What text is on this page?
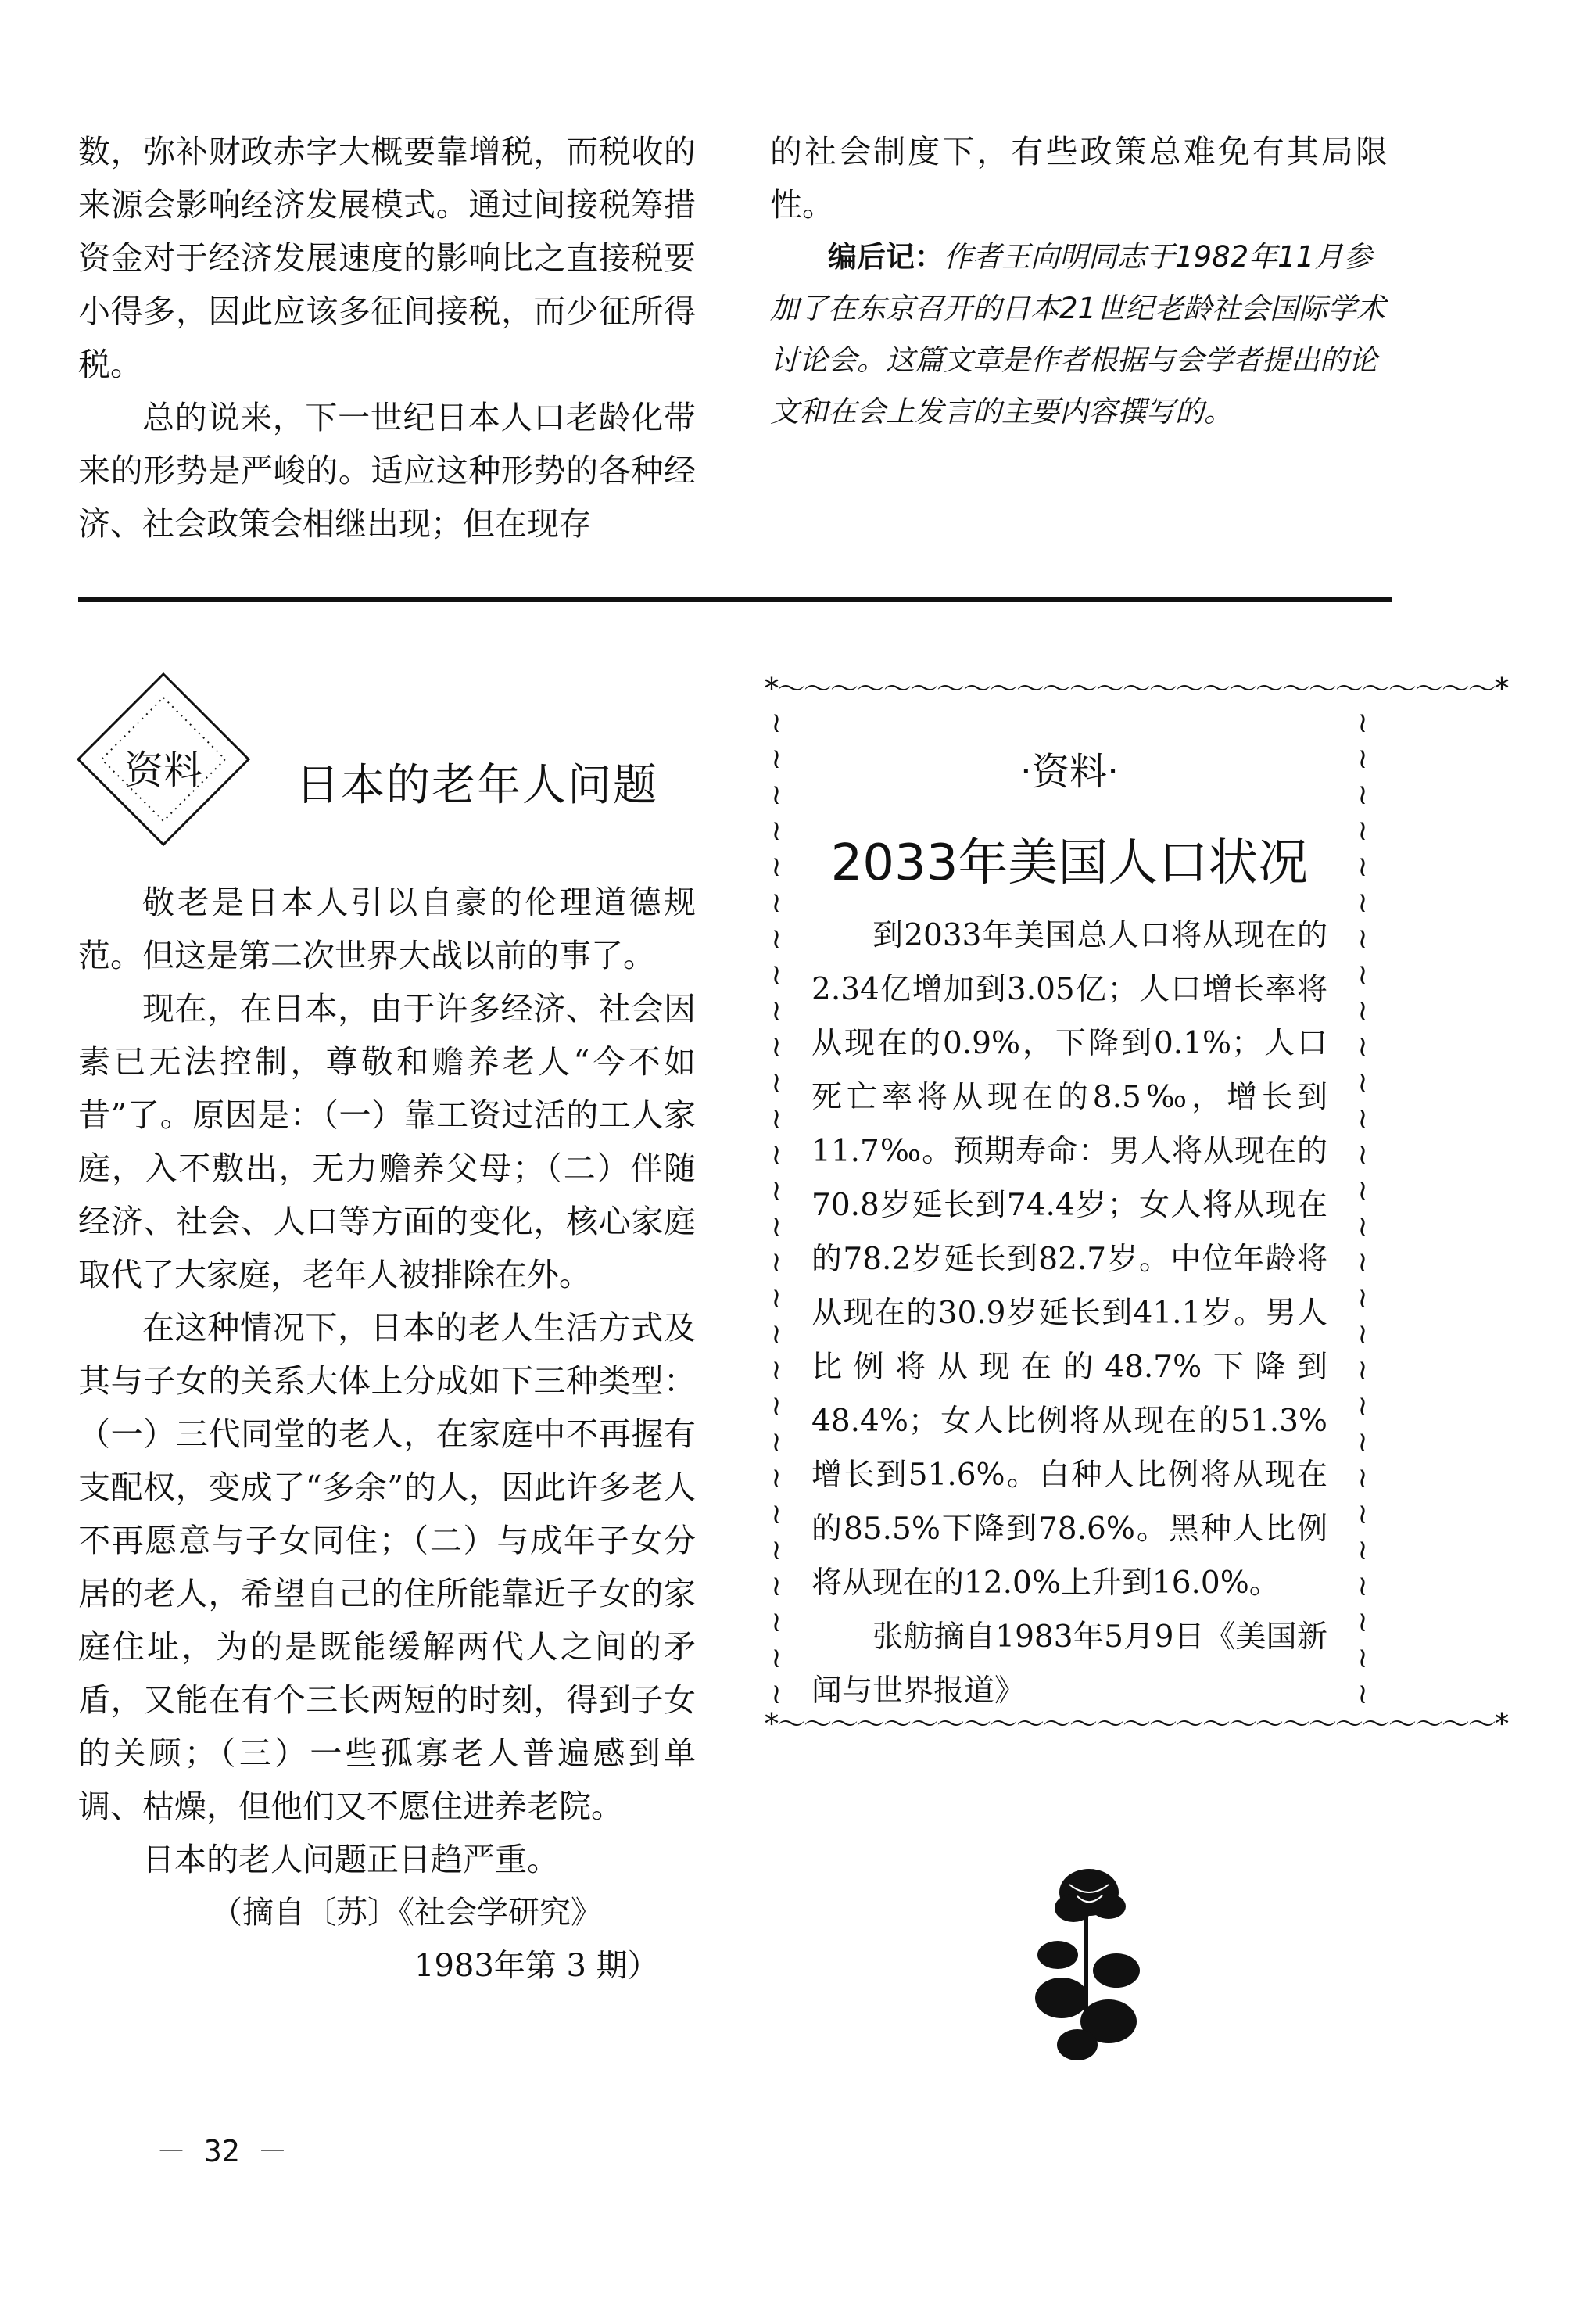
数，弥补财政赤字大概要靠增税，而税收的来源会影响经济发展模式。通过间接税筹措资金对于经济发展速度的影响比之直接税要小得多，因此应该多征间接税，而少征所得税。

总的说来，下一世纪日本人口老龄化带来的形势是严峻的。适应这种形势的各种经济、社会政策会相继出现；但在现存

的社会制度下，有些政策总难免有其局限性。

编后记：作者王向明同志于1982年11月参加了在东京召开的日本21世纪老龄社会国际学术讨论会。这篇文章是作者根据与会学者提出的论文和在会上发言的主要内容撰写的。

资料	日本的老年人问题

敬老是日本人引以自豪的伦理道德规范。但这是第二次世界大战以前的事了。

现在，在日本，由于许多经济、社会因素已无法控制，尊敬和赡养老人“今不如昔”了。原因是：（一）靠工资过活的工人家庭，入不敷出，无力赡养父母；（二）伴随经济、社会、人口等方面的变化，核心家庭取代了大家庭，老年人被排除在外。

在这种情况下，日本的老人生活方式及其与子女的关系大体上分成如下三种类型：（一）三代同堂的老人，在家庭中不再握有支配权，变成了“多余”的人，因此许多老人不再愿意与子女同住；（二）与成年子女分居的老人，希望自己的住所能靠近子女的家庭住址，为的是既能缓解两代人之间的矛盾，又能在有个三长两短的时刻，得到子女的关顾；（三）一些孤寡老人普遍感到单调、枯燥，但他们又不愿住进养老院。

日本的老人问题正日趋严重。

（摘自〔苏〕《社会学研究》

1983年第 3 期）

－ 32 －
*～～～～～～～～～～～～～～～～～～～～～～～～～～～*
*～～～～～～～～～～～～～～～～～～～～～～～～～～～*
≀
≀
≀
≀
≀
≀
≀
≀
≀
≀
≀
≀
≀
≀
≀
≀
≀
≀
≀
≀
≀
≀
≀
≀
≀
≀
≀
≀
≀
≀
≀
≀
≀
≀
≀
≀
≀
≀
≀
≀
≀
≀
≀
≀
≀
≀
≀
≀
≀
≀
≀
≀
≀
≀
≀
≀
·资料·
2033年美国人口状况

到2033年美国总人口将从现在的2.34亿增加到3.05亿；人口增长率将从现在的0.9%，下降到0.1%；人口死亡率将从现在的8.5‰，增长到11.7‰。预期寿命：男人将从现在的70.8岁延长到74.4岁；女人将从现在的78.2岁延长到82.7岁。中位年龄将从现在的30.9岁延长到41.1岁。男人比例将从现在的48.7%下降到48.4%；女人比例将从现在的51.3%增长到51.6%。白种人比例将从现在的85.5%下降到78.6%。黑种人比例将从现在的12.0%上升到16.0%。

张舫摘自1983年5月9日《美国新闻与世界报道》
